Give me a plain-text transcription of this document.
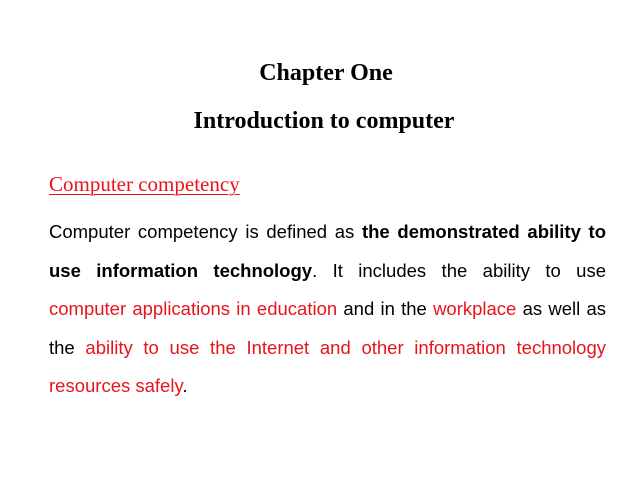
Chapter One
Introduction to computer
Computer competency

Computer competency is defined as the demonstrated ability to use information technology. It includes the ability to use computer applications in education and in the workplace as well as the ability to use the Internet and other information technology resources safely.
